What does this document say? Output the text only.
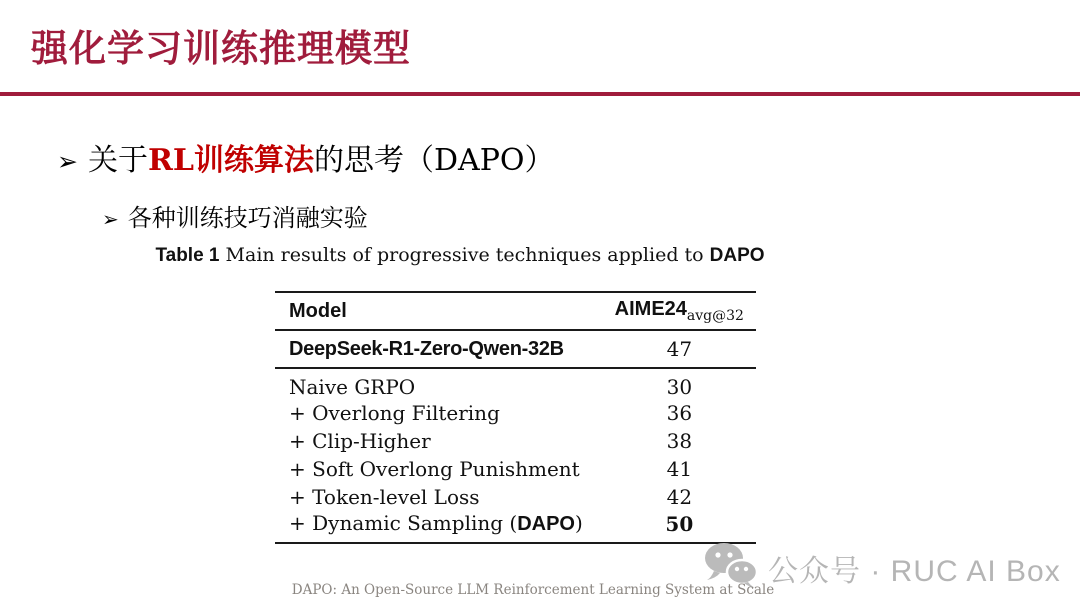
强化学习训练推理模型
➢ 关于RL训练算法的思考（DAPO）
➢ 各种训练技巧消融实验
Table 1 Main results of progressive techniques applied to DAPO
Model	$AIME24_{avg@32}$
DeepSeek-R1-Zero-Qwen-32B	47
Naive GRPO	30
+ Overlong Filtering	36
+ Clip-Higher	38
+ Soft Overlong Punishment	41
+ Token-level Loss	42
+ Dynamic Sampling (DAPO)	50
公众号 · RUC AI Box
DAPO: An Open-Source LLM Reinforcement Learning System at Scale
